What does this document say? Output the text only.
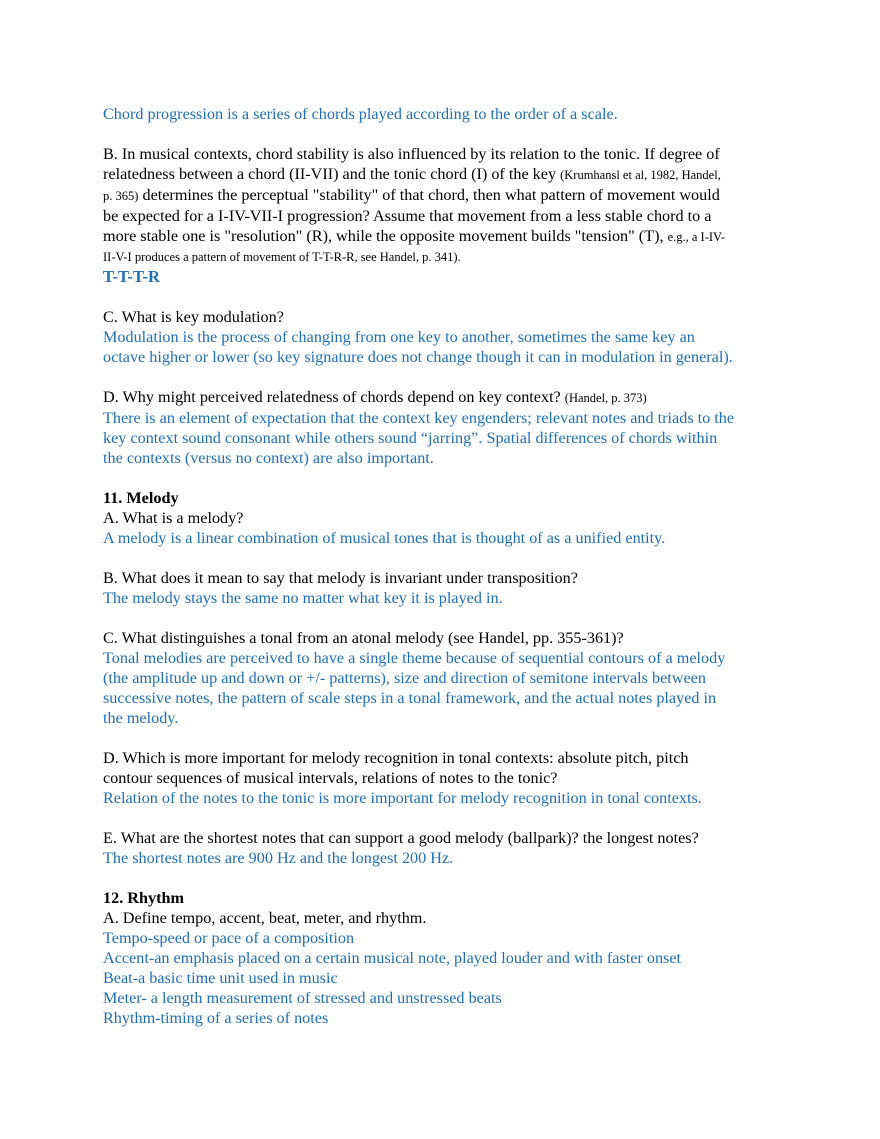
Chord progression is a series of chords played according to the order of a scale.
B. In musical contexts, chord stability is also influenced by its relation to the tonic. If degree of
relatedness between a chord (II-VII) and the tonic chord (I) of the key (Krumhansl et al, 1982, Handel,
p. 365) determines the perceptual "stability" of that chord, then what pattern of movement would
be expected for a I-IV-VII-I progression? Assume that movement from a less stable chord to a
more stable one is "resolution" (R), while the opposite movement builds "tension" (T), e.g., a I-IV-
II-V-I produces a pattern of movement of T-T-R-R, see Handel, p. 341).
T-T-T-R
C. What is key modulation?
Modulation is the process of changing from one key to another, sometimes the same key an
octave higher or lower (so key signature does not change though it can in modulation in general).
D. Why might perceived relatedness of chords depend on key context? (Handel, p. 373)
There is an element of expectation that the context key engenders; relevant notes and triads to the
key context sound consonant while others sound “jarring”. Spatial differences of chords within
the contexts (versus no context) are also important.
11. Melody
A. What is a melody?
A melody is a linear combination of musical tones that is thought of as a unified entity.
B. What does it mean to say that melody is invariant under transposition?
The melody stays the same no matter what key it is played in.
C. What distinguishes a tonal from an atonal melody (see Handel, pp. 355-361)?
Tonal melodies are perceived to have a single theme because of sequential contours of a melody
(the amplitude up and down or +/- patterns), size and direction of semitone intervals between
successive notes, the pattern of scale steps in a tonal framework, and the actual notes played in
the melody.
D. Which is more important for melody recognition in tonal contexts: absolute pitch, pitch
contour sequences of musical intervals, relations of notes to the tonic?
Relation of the notes to the tonic is more important for melody recognition in tonal contexts.
E. What are the shortest notes that can support a good melody (ballpark)? the longest notes?
The shortest notes are 900 Hz and the longest 200 Hz.
12. Rhythm
A. Define tempo, accent, beat, meter, and rhythm.
Tempo-speed or pace of a composition
Accent-an emphasis placed on a certain musical note, played louder and with faster onset
Beat-a basic time unit used in music
Meter- a length measurement of stressed and unstressed beats
Rhythm-timing of a series of notes
